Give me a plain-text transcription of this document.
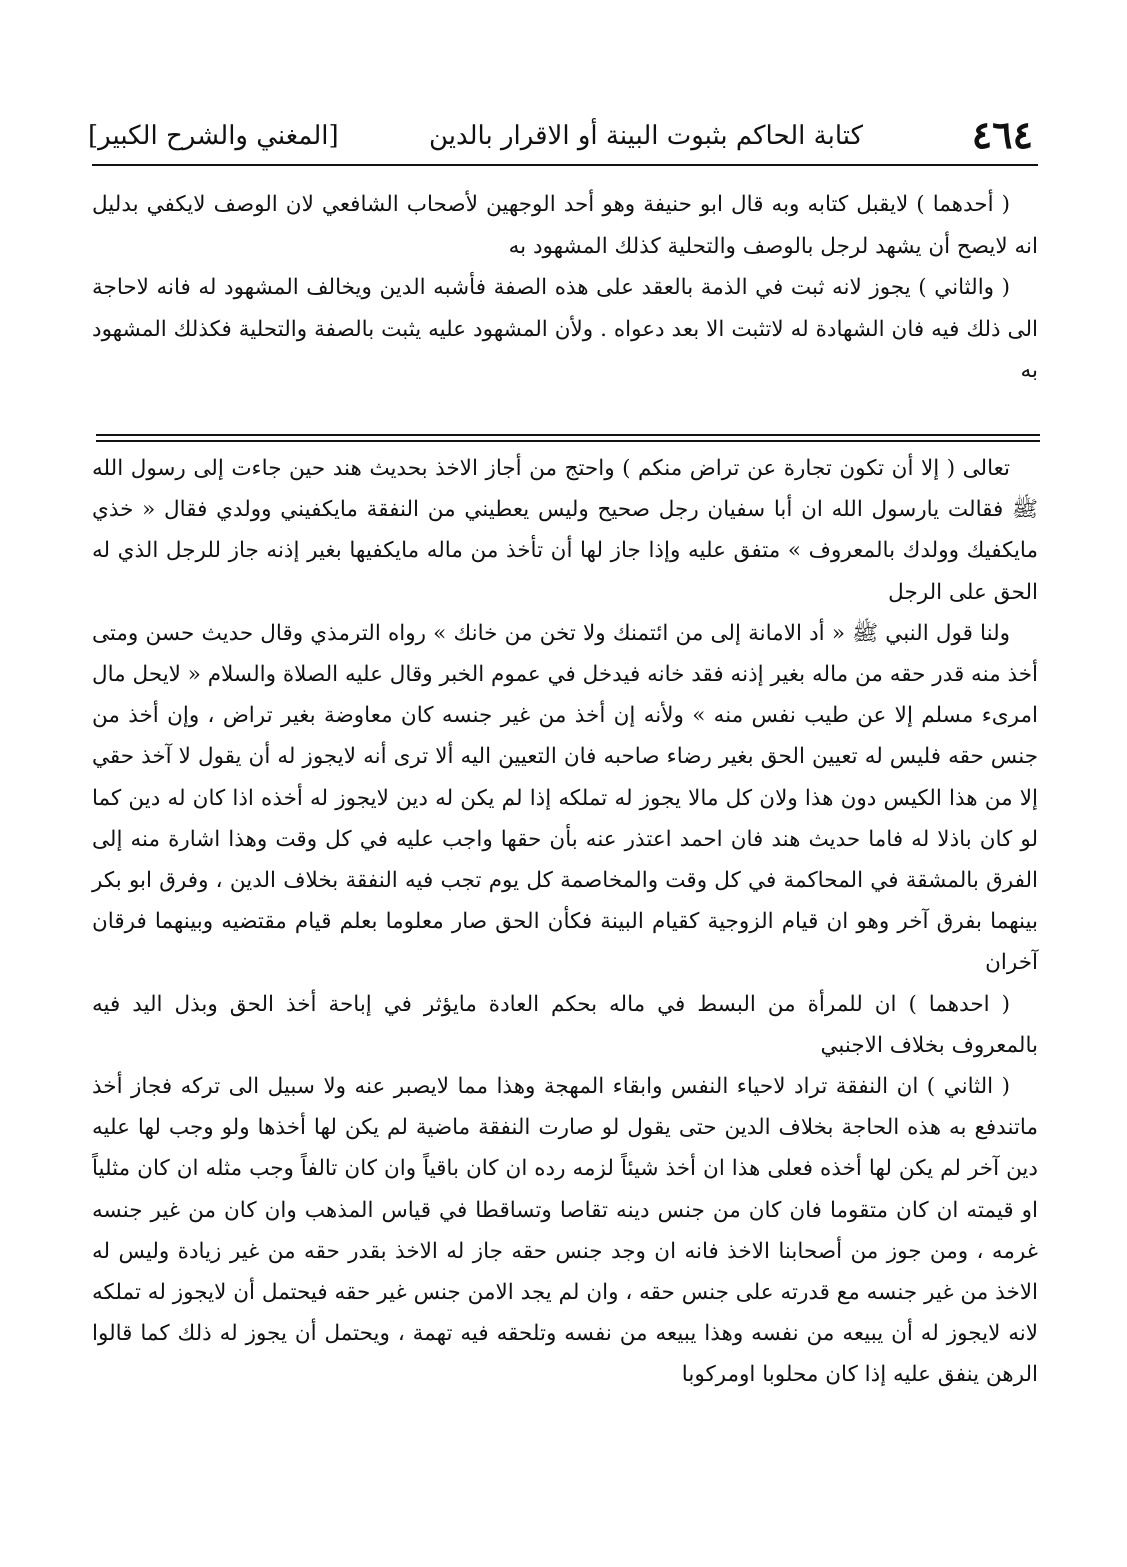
٤٦٤
كتابة الحاكم بثبوت البينة أو الاقرار بالدين
[المغني والشرح الكبير]

( أحدهما ) لايقبل كتابه وبه قال ابو حنيفة وهو أحد الوجهين لأصحاب الشافعي لان الوصف لايكفي بدليل انه لايصح أن يشهد لرجل بالوصف والتحلية كذلك المشهود به

( والثاني ) يجوز لانه ثبت في الذمة بالعقد على هذه الصفة فأشبه الدين ويخالف المشهود له فانه لاحاجة الى ذلك فيه فان الشهادة له لاتثبت الا بعد دعواه . ولأن المشهود عليه يثبت بالصفة والتحلية فكذلك المشهود به

تعالى ( إلا أن تكون تجارة عن تراض منكم ) واحتج من أجاز الاخذ بحديث هند حين جاءت إلى رسول الله ﷺ فقالت يارسول الله ان أبا سفيان رجل صحيح وليس يعطيني من النفقة مايكفيني وولدي فقال « خذي مايكفيك وولدك بالمعروف » متفق عليه وإذا جاز لها أن تأخذ من ماله مايكفيها بغير إذنه جاز للرجل الذي له الحق على الرجل

ولنا قول النبي ﷺ « أد الامانة إلى من ائتمنك ولا تخن من خانك » رواه الترمذي وقال حديث حسن ومتى أخذ منه قدر حقه من ماله بغير إذنه فقد خانه فيدخل في عموم الخبر وقال عليه الصلاة والسلام « لايحل مال امرىء مسلم إلا عن طيب نفس منه » ولأنه إن أخذ من غير جنسه كان معاوضة بغير تراض ، وإن أخذ من جنس حقه فليس له تعيين الحق بغير رضاء صاحبه فان التعيين اليه ألا ترى أنه لايجوز له أن يقول لا آخذ حقي إلا من هذا الكيس دون هذا ولان كل مالا يجوز له تملكه إذا لم يكن له دين لايجوز له أخذه اذا كان له دين كما لو كان باذلا له فاما حديث هند فان احمد اعتذر عنه بأن حقها واجب عليه في كل وقت وهذا اشارة منه إلى الفرق بالمشقة في المحاكمة في كل وقت والمخاصمة كل يوم تجب فيه النفقة بخلاف الدين ، وفرق ابو بكر بينهما بفرق آخر وهو ان قيام الزوجية كقيام البينة فكأن الحق صار معلوما بعلم قيام مقتضيه وبينهما فرقان آخران

( احدهما ) ان للمرأة من البسط في ماله بحكم العادة مايؤثر في إباحة أخذ الحق وبذل اليد فيه بالمعروف بخلاف الاجنبي

( الثاني ) ان النفقة تراد لاحياء النفس وابقاء المهجة وهذا مما لايصبر عنه ولا سبيل الى تركه فجاز أخذ ماتندفع به هذه الحاجة بخلاف الدين حتى يقول لو صارت النفقة ماضية لم يكن لها أخذها ولو وجب لها عليه دين آخر لم يكن لها أخذه فعلى هذا ان أخذ شيئاً لزمه رده ان كان باقياً وان كان تالفاً وجب مثله ان كان مثلياً او قيمته ان كان متقوما فان كان من جنس دينه تقاصا وتساقطا في قياس المذهب وان كان من غير جنسه غرمه ، ومن جوز من أصحابنا الاخذ فانه ان وجد جنس حقه جاز له الاخذ بقدر حقه من غير زيادة وليس له الاخذ من غير جنسه مع قدرته على جنس حقه ، وان لم يجد الامن جنس غير حقه فيحتمل أن لايجوز له تملكه لانه لايجوز له أن يبيعه من نفسه وهذا يبيعه من نفسه وتلحقه فيه تهمة ، ويحتمل أن يجوز له ذلك كما قالوا الرهن ينفق عليه إذا كان محلوبا اومركوبا
